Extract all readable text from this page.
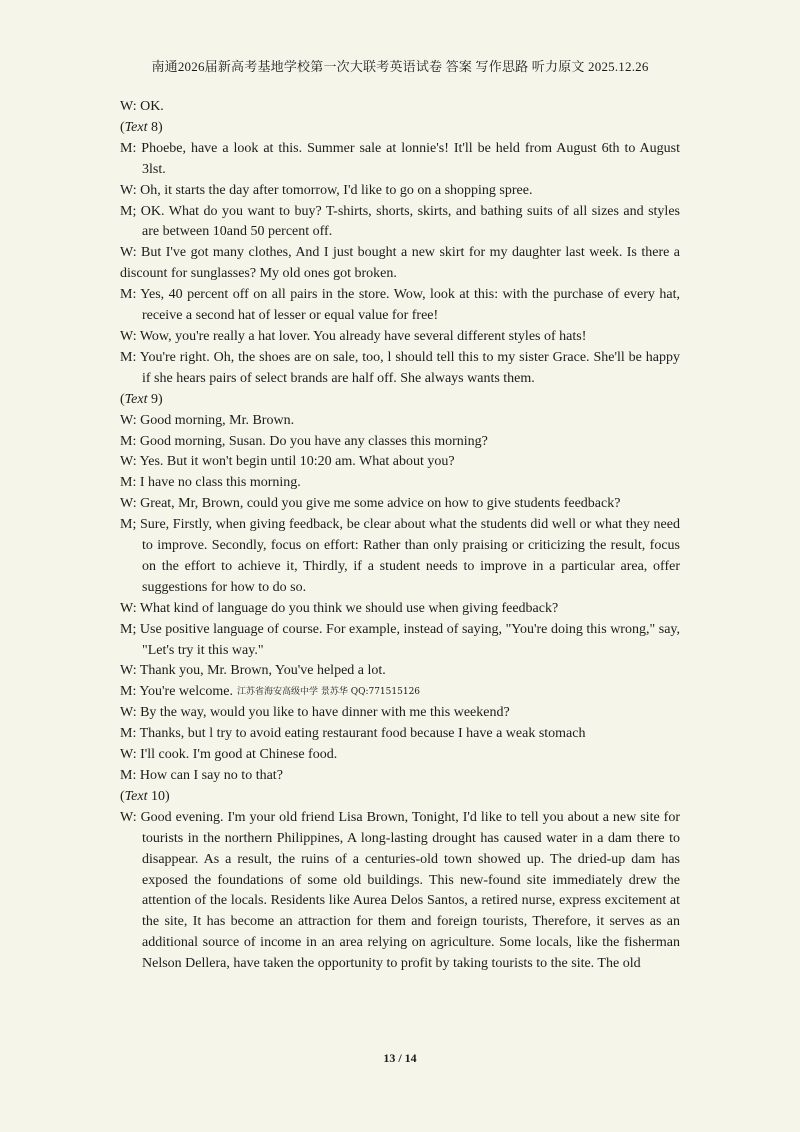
南通2026届新高考基地学校第一次大联考英语试卷 答案 写作思路 听力原文 2025.12.26
W: OK.
(Text 8)
M: Phoebe, have a look at this. Summer sale at lonnie's! It'll be held from August 6th to August 3lst.
W: Oh, it starts the day after tomorrow, I'd like to go on a shopping spree.
M; OK. What do you want to buy? T-shirts, shorts, skirts, and bathing suits of all sizes and styles are between 10and 50 percent off.
W: But I've got many clothes, And I just bought a new skirt for my daughter last week. Is there a discount for sunglasses? My old ones got broken.
M: Yes, 40 percent off on all pairs in the store. Wow, look at this: with the purchase of every hat, receive a second hat of lesser or equal value for free!
W: Wow, you're really a hat lover. You already have several different styles of hats!
M: You're right. Oh, the shoes are on sale, too, l should tell this to my sister Grace. She'll be happy if she hears pairs of select brands are half off. She always wants them.
(Text 9)
W: Good morning, Mr. Brown.
M: Good morning, Susan. Do you have any classes this morning?
W: Yes. But it won't begin until 10:20 am. What about you?
M: I have no class this morning.
W: Great, Mr, Brown, could you give me some advice on how to give students feedback?
M; Sure, Firstly, when giving feedback, be clear about what the students did well or what they need to improve. Secondly, focus on effort: Rather than only praising or criticizing the result, focus on the effort to achieve it, Thirdly, if a student needs to improve in a particular area, offer suggestions for how to do so.
W: What kind of language do you think we should use when giving feedback?
M; Use positive language of course. For example, instead of saying, "You're doing this wrong," say, "Let's try it this way."
W: Thank you, Mr. Brown, You've helped a lot.
M: You're welcome. 江苏省海安高级中学 景苏华 QQ:771515126
W: By the way, would you like to have dinner with me this weekend?
M: Thanks, but l try to avoid eating restaurant food because I have a weak stomach
W: I'll cook. I'm good at Chinese food.
M: How can I say no to that?
(Text 10)
W: Good evening. I'm your old friend Lisa Brown, Tonight, I'd like to tell you about a new site for tourists in the northern Philippines, A long-lasting drought has caused water in a dam there to disappear. As a result, the ruins of a centuries-old town showed up. The dried-up dam has exposed the foundations of some old buildings. This new-found site immediately drew the attention of the locals. Residents like Aurea Delos Santos, a retired nurse, express excitement at the site, It has become an attraction for them and foreign tourists, Therefore, it serves as an additional source of income in an area relying on agriculture. Some locals, like the fisherman Nelson Dellera, have taken the opportunity to profit by taking tourists to the site. The old
13 / 14
